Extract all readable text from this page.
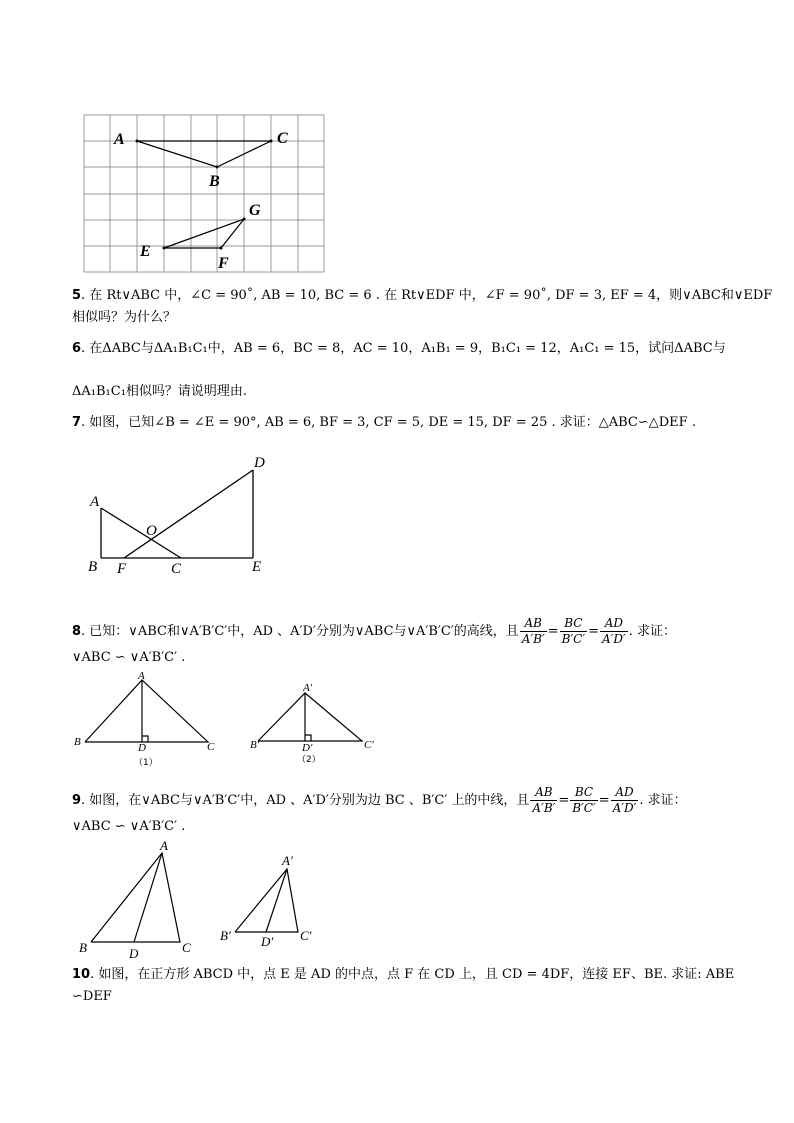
A	C
B
G
E
F
5. 在 Rt∨ABC 中，∠C = 90˚, AB = 10, BC = 6 . 在 Rt∨EDF 中，∠F = 90˚, DF = 3, EF = 4，则∨ABC和∨EDF
相似吗？为什么？
6. 在ΔABC与ΔA₁B₁C₁中，AB = 6，BC = 8，AC = 10，A₁B₁ = 9，B₁C₁ = 12，A₁C₁ = 15，试问ΔABC与
ΔA₁B₁C₁相似吗？请说明理由.
7. 如图，已知∠B = ∠E = 90°, AB = 6, BF = 3, CF = 5, DE = 15, DF = 25 . 求证：△ABC∽△DEF .
A
B F	C
O
D
E
8. 已知：∨ABC和∨A′B′C′中，AD 、A′D′分别为∨ABC与∨A′B′C′的高线，且 $\frac{AB}{A'B'} = \frac{BC}{B'C'} = \frac{AD}{A'D'}$ . 求证：
∨ABC ∽ ∨A′B′C′ .
A
B	D	C
（1）
A′
B′	D′	C′
（2）
9. 如图，在∨ABC与∨A′B′C′中，AD 、A′D′分别为边 BC 、B′C′ 上的中线，且 $\frac{AB}{A'B'} = \frac{BC}{B'C'} = \frac{AD}{A'D'}$ . 求证：
∨ABC ∽ ∨A′B′C′ .
A
B	D	C
A′
B′ D′ C′
10. 如图，在正方形 ABCD 中，点 E 是 AD 的中点，点 F 在 CD 上，且 CD = 4DF，连接 EF、BE. 求证: ABE
∽DEF
